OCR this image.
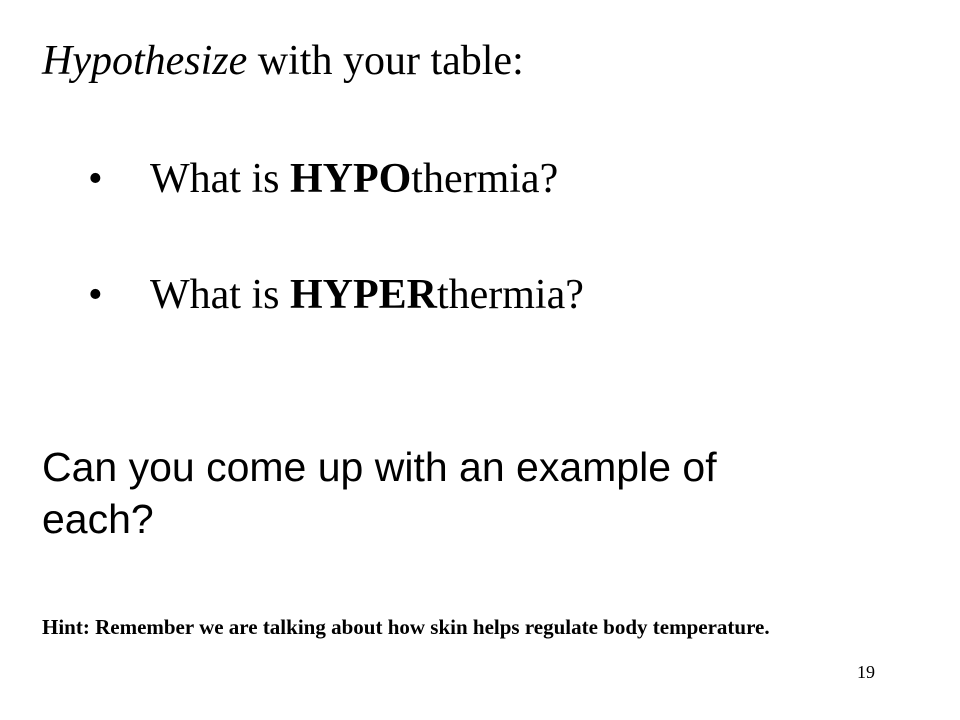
Hypothesize with your table:
• What is HYPOthermia?
• What is HYPERthermia?
Can you come up with an example of each?
Hint: Remember we are talking about how skin helps regulate body temperature.
19
